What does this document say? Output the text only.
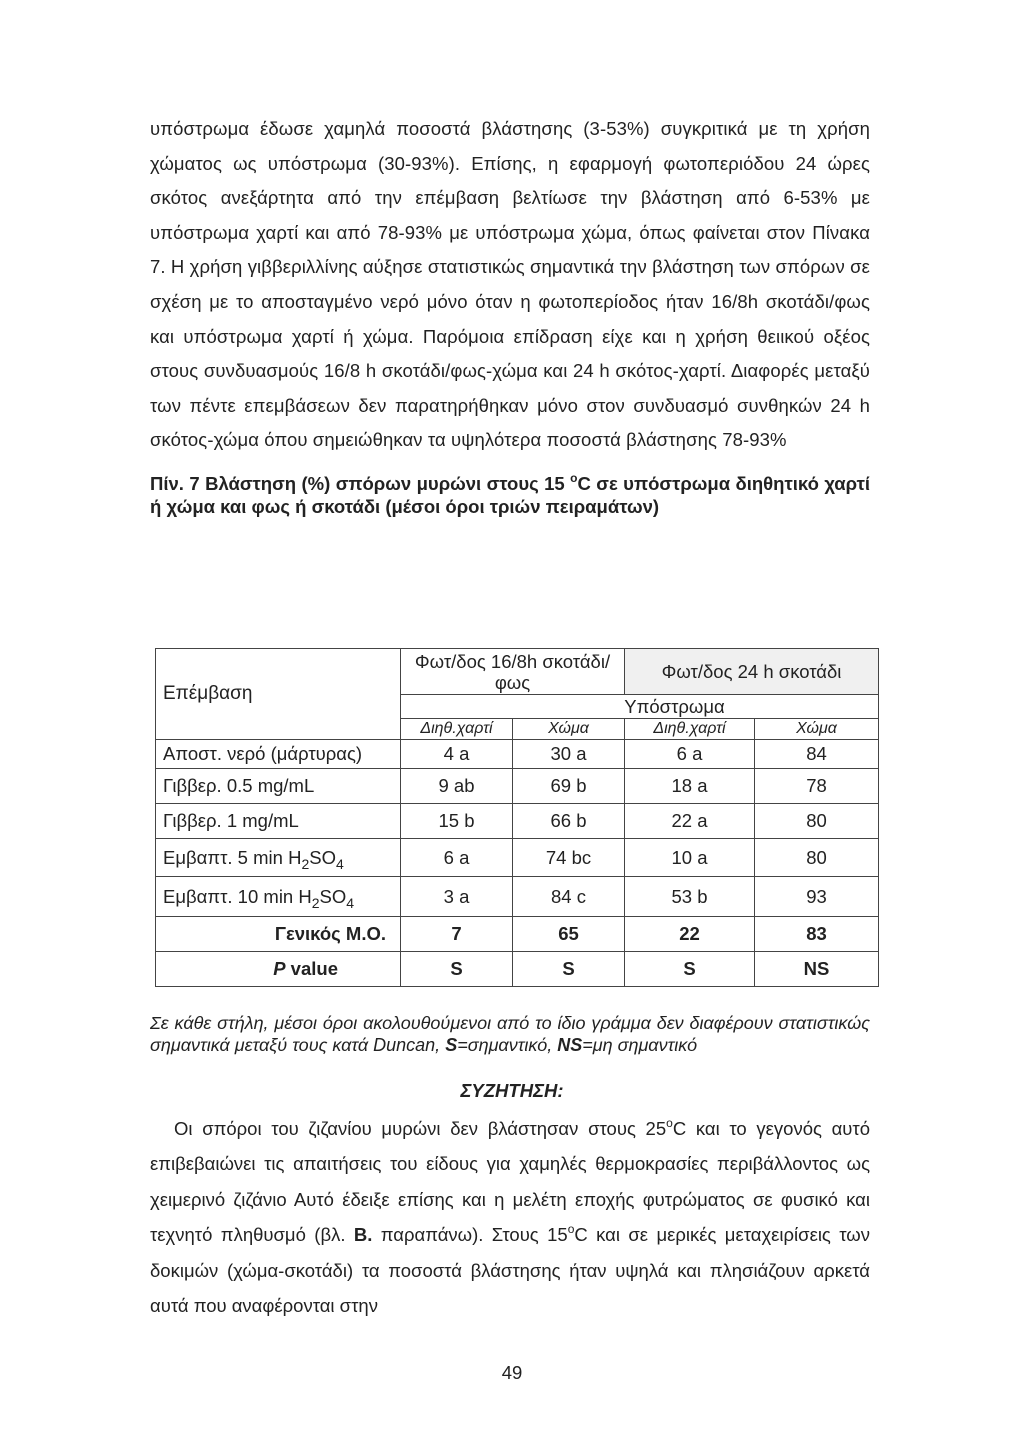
υπόστρωμα έδωσε χαμηλά ποσοστά βλάστησης (3-53%) συγκριτικά με τη χρήση χώματος ως υπόστρωμα (30-93%). Επίσης, η εφαρμογή φωτοπεριόδου 24 ώρες σκότος ανεξάρτητα από την επέμβαση βελτίωσε την βλάστηση από 6-53% με υπόστρωμα χαρτί και από 78-93% με υπόστρωμα χώμα, όπως φαίνεται στον Πίνακα 7. Η χρήση γιββεριλλίνης αύξησε στατιστικώς σημαντικά την βλάστηση των σπόρων σε σχέση με το αποσταγμένο νερό μόνο όταν η φωτοπερίοδος ήταν 16/8h σκοτάδι/φως και υπόστρωμα χαρτί ή χώμα. Παρόμοια επίδραση είχε και η χρήση θειικού οξέος στους συνδυασμούς 16/8 h σκοτάδι/φως-χώμα και 24 h σκότος-χαρτί. Διαφορές μεταξύ των πέντε επεμβάσεων δεν παρατηρήθηκαν μόνο στον συνδυασμό συνθηκών 24 h σκότος-χώμα όπου σημειώθηκαν τα υψηλότερα ποσοστά βλάστησης 78-93%

Πίν. 7 Βλάστηση (%) σπόρων μυρώνι στους 15 $^o$C σε υπόστρωμα διηθητικό χαρτί ή χώμα και φως ή σκοτάδι (μέσοι όροι τριών πειραμάτων)

Επέμβαση	Φωτ/δος 16/8h σκοτάδι/φως		Φωτ/δος 24 h σκοτάδι	
	Υπόστρωμα			
	Διηθ.χαρτί	Χώμα	Διηθ.χαρτί	Χώμα
Αποστ. νερό (μάρτυρας)	4 a	30 a	6 a	84
Γιββερ. 0.5 mg/mL	9 ab	69 b	18 a	78
Γιββερ. 1 mg/mL	15 b	66 b	22 a	80
Εμβαπτ. 5 $\min H_2SO_4$	6 a	74 bc	10 a	80
Εμβαπτ. 10 $\min H_2SO_4$	3 a	84 c	53 b	93
Γενικός Μ.Ο.	7	65	22	83
P value	S	S	S	NS

Σε κάθε στήλη, μέσοι όροι ακολουθούμενοι από το ίδιο γράμμα δεν διαφέρουν στατιστικώς σημαντικά μεταξύ τους κατά Duncan, S=σημαντικό, NS=μη σημαντικό

ΣΥΖΗΤΗΣΗ:

Οι σπόροι του ζιζανίου μυρώνι δεν βλάστησαν στους 25$^o$C και το γεγονός αυτό επιβεβαιώνει τις απαιτήσεις του είδους για χαμηλές θερμοκρασίες περιβάλλοντος ως χειμερινό ζιζάνιο Αυτό έδειξε επίσης και η μελέτη εποχής φυτρώματος σε φυσικό και τεχνητό πληθυσμό (βλ. Β. παραπάνω). Στους 15$^o$C και σε μερικές μεταχειρίσεις των δοκιμών (χώμα-σκοτάδι) τα ποσοστά βλάστησης ήταν υψηλά και πλησιάζουν αρκετά αυτά που αναφέρονται στην

49
